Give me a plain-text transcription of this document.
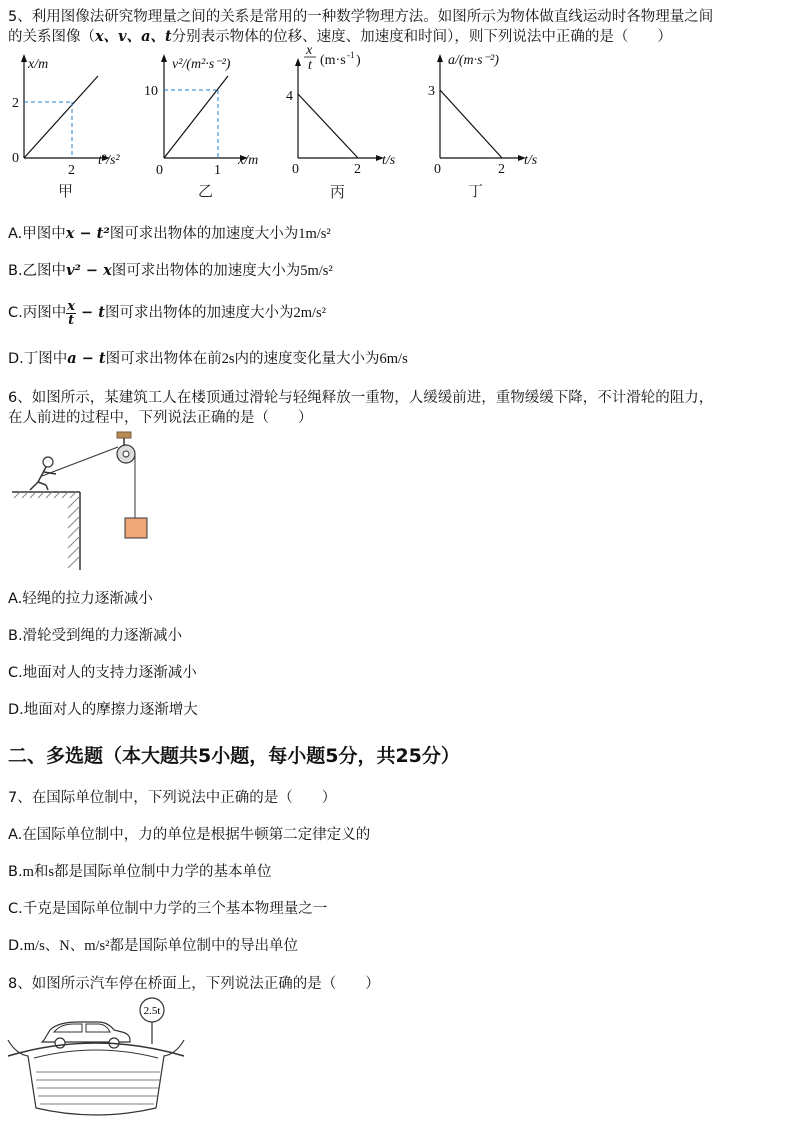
5、利用图像法研究物理量之间的关系是常用的一种数学物理方法。如图所示为物体做直线运动时各物理量之间
的关系图像（x、v、a、t分别表示物体的位移、速度、加速度和时间），则下列说法中正确的是（　　）
x/m
2
0
2
t²/s²
甲
v²/(m²·s⁻²)
10
0	1
x/m
乙
x
t (m·s -1 )
4
0	2
t/s
丙
a/(m·s⁻²)
3
0	2
t/s
丁
A.甲图中x − t²图可求出物体的加速度大小为1m/s²
B.乙图中v² − x图可求出物体的加速度大小为5m/s²
C.丙图中 $\frac{x}{t} - t$图可求出物体的加速度大小为2m/s²
D.丁图中a − t图可求出物体在前2s内的速度变化量大小为6m/s
6、如图所示，某建筑工人在楼顶通过滑轮与轻绳释放一重物，人缓缓前进，重物缓缓下降，不计滑轮的阻力，
在人前进的过程中，下列说法正确的是（　　）
A.轻绳的拉力逐渐减小
B.滑轮受到绳的力逐渐减小
C.地面对人的支持力逐渐减小
D.地面对人的摩擦力逐渐增大
二、多选题（本大题共5小题，每小题5分，共25分）
7、在国际单位制中，下列说法中正确的是（　　）
A.在国际单位制中，力的单位是根据牛顿第二定律定义的
B.m和s都是国际单位制中力学的基本单位
C.千克是国际单位制中力学的三个基本物理量之一
D.m/s、N、m/s²都是国际单位制中的导出单位
8、如图所示汽车停在桥面上，下列说法正确的是（　　）
2.5t
